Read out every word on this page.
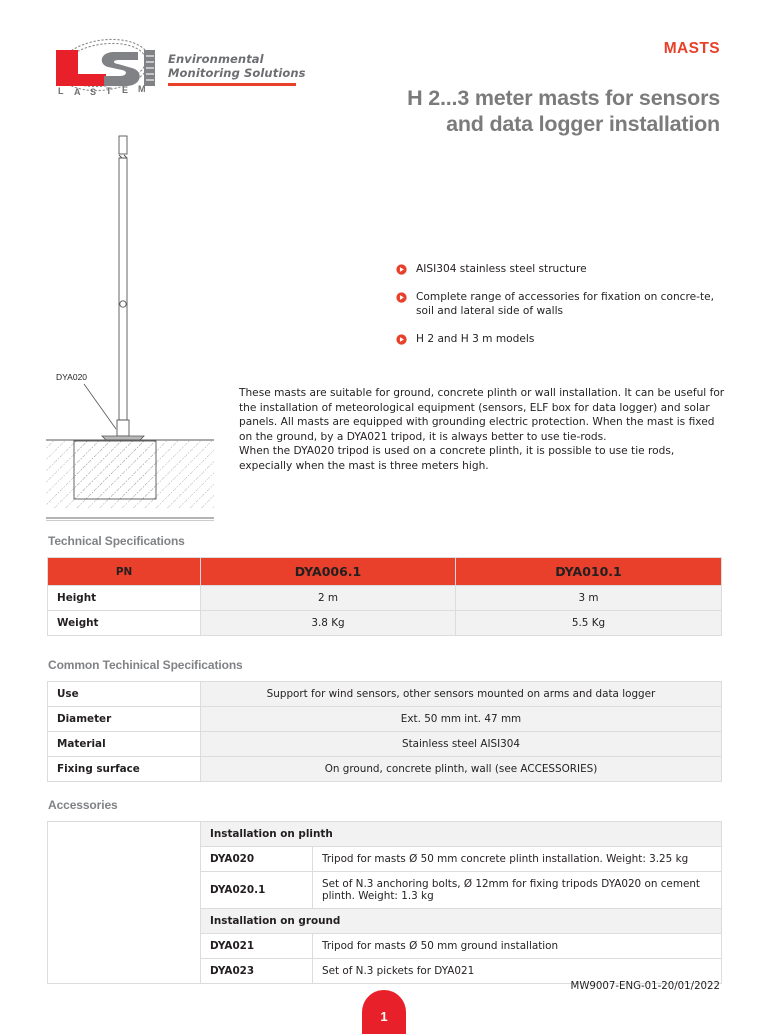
MASTS
L A S T E M
Environmental
Monitoring Solutions
H 2...3 meter masts for sensors
and data logger installation
DYA020
AISI304 stainless steel structure
Complete range of accessories for fixation on concre-te, soil and lateral side of walls
H 2 and H 3 m models

These masts are suitable for ground, concrete plinth or wall installation. It can be useful for the installation of meteorological equipment (sensors, ELF box for data logger) and solar panels. All masts are equipped with grounding electric protection. When the mast is fixed on the ground, by a DYA021 tripod, it is always better to use tie-rods.

When the DYA020 tripod is used on a concrete plinth, it is possible to use tie rods, expecially when the mast is three meters high.

Technical Specifications
PN	DYA006.1	DYA010.1
Height	2 m	3 m
Weight	3.8 Kg	5.5 Kg
Common Techinical Specifications
Use	Support for wind sensors, other sensors mounted on arms and data logger
Diameter	Ext. 50 mm int. 47 mm
Material	Stainless steel AISI304
Fixing surface	On ground, concrete plinth, wall (see ACCESSORIES)
Accessories
	Installation on plinth	
	DYA020	Tripod for masts Ø 50 mm concrete plinth installation. Weight: 3.25 kg
	DYA020.1	Set of N.3 anchoring bolts, Ø 12mm for fixing tripods DYA020 on cement plinth. Weight: 1.3 kg
	Installation on ground	
	DYA021	Tripod for masts Ø 50 mm ground installation
	DYA023	Set of N.3 pickets for DYA021
1
MW9007-ENG-01-20/01/2022
